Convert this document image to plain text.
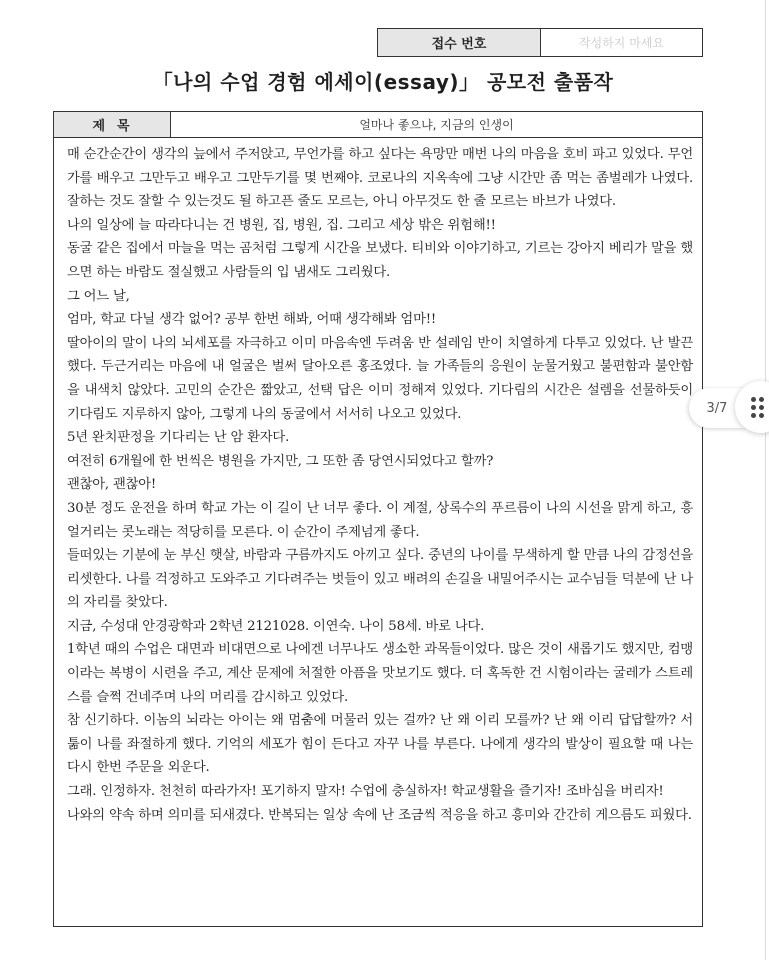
접수 번호	작성하지 마세요
「나의 수업 경험 에세이(essay)」 공모전 출품작
제목	얼마나 좋으냐, 지금의 인생이

매 순간순간이 생각의 늪에서 주저앉고, 무언가를 하고 싶다는 욕망만 매번 나의 마음을 호비 파고 있었다. 무언가를 배우고 그만두고 배우고 그만두기를 몇 번째야. 코로나의 지옥속에 그냥 시간만 좀 먹는 좀벌레가 나였다. 잘하는 것도 잘할 수 있는것도 될 하고픈 줄도 모르는, 아니 아무것도 한 줄 모르는 바브가 나였다.

나의 일상에 늘 따라다니는 건 병원, 집, 병원, 집. 그리고 세상 밖은 위험해!!

동굴 같은 집에서 마늘을 먹는 곰처럼 그렇게 시간을 보냈다. 티비와 이야기하고, 기르는 강아지 베리가 말을 했으면 하는 바람도 절실했고 사람들의 입 냄새도 그리웠다.

그 어느 날,

엄마, 학교 다닐 생각 없어? 공부 한번 해봐, 어때 생각해봐 엄마!!

딸아이의 말이 나의 뇌세포를 자극하고 이미 마음속엔 두려움 반 설레임 반이 치열하게 다투고 있었다. 난 발끈했다. 두근거리는 마음에 내 얼굴은 벌써 달아오른 홍조였다. 늘 가족들의 응원이 눈물거웠고 불편함과 불안함을 내색치 않았다. 고민의 순간은 짧았고, 선택 답은 이미 정해져 있었다. 기다림의 시간은 설렘을 선물하듯이 기다림도 지루하지 않아, 그렇게 나의 동굴에서 서서히 나오고 있었다.

5년 완치판정을 기다리는 난 암 환자다.

여전히 6개월에 한 번씩은 병원을 가지만, 그 또한 좀 당연시되었다고 할까?

괜찮아, 괜찮아!

30분 정도 운전을 하며 학교 가는 이 길이 난 너무 좋다. 이 계절, 상록수의 푸르름이 나의 시선을 맑게 하고, 흥얼거리는 콧노래는 적당히를 모른다. 이 순간이 주제넘게 좋다.

들떠있는 기분에 눈 부신 햇살, 바람과 구름까지도 아끼고 싶다. 중년의 나이를 무색하게 할 만큼 나의 감정선을 리셋한다. 나를 걱정하고 도와주고 기다려주는 벗들이 있고 배려의 손길을 내밀어주시는 교수님들 덕분에 난 나의 자리를 찾았다.

지금, 수성대 안경광학과 2학년 2121028. 이연숙. 나이 58세. 바로 나다.

1학년 때의 수업은 대면과 비대면으로 나에겐 너무나도 생소한 과목들이었다. 많은 것이 새롭기도 했지만, 컴맹이라는 복병이 시련을 주고, 계산 문제에 처절한 아픔을 맛보기도 했다. 더 혹독한 건 시험이라는 굴레가 스트레스를 슬쩍 건네주며 나의 머리를 감시하고 있었다.

참 신기하다. 이놈의 뇌라는 아이는 왜 멈춤에 머물러 있는 걸까? 난 왜 이리 모를까? 난 왜 이리 답답할까? 서툶이 나를 좌절하게 했다. 기억의 세포가 힘이 든다고 자꾸 나를 부른다. 나에게 생각의 발상이 필요할 때 나는 다시 한번 주문을 외운다.

그래. 인정하자. 천천히 따라가자! 포기하지 말자! 수업에 충실하자! 학교생활을 즐기자! 조바심을 버리자!

나와의 약속 하며 의미를 되새겼다. 반복되는 일상 속에 난 조금씩 적응을 하고 흥미와 간간히 게으름도 피웠다.

3/7
